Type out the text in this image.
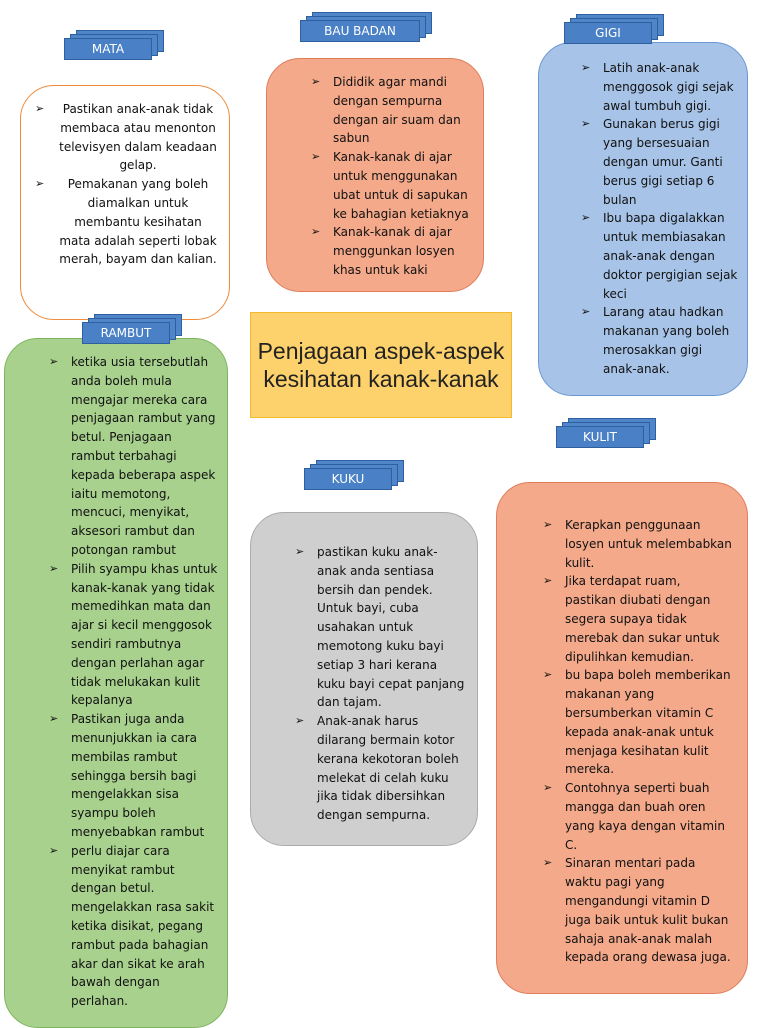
➢ Pastikan anak-anak tidak membaca atau menonton televisyen dalam keadaan gelap.
➢ Pemakanan yang boleh diamalkan untuk membantu kesihatan mata adalah seperti lobak merah, bayam dan kalian.
MATA
➢ Dididik agar mandi dengan sempurna dengan air suam dan sabun
➢ Kanak-kanak di ajar untuk menggunakan ubat untuk di sapukan ke bahagian ketiaknya
➢ Kanak-kanak di ajar menggunkan losyen khas untuk kaki
BAU BADAN
➢ Latih anak-anak menggosok gigi sejak awal tumbuh gigi.
➢ Gunakan berus gigi yang bersesuaian dengan umur. Ganti berus gigi setiap 6 bulan
➢ Ibu bapa digalakkan untuk membiasakan anak-anak dengan doktor pergigian sejak keci
➢ Larang atau hadkan makanan yang boleh merosakkan gigi anak-anak.
GIGI
Penjagaan aspek-aspek kesihatan kanak-kanak
➢ ketika usia tersebutlah anda boleh mula mengajar mereka cara penjagaan rambut yang betul. Penjagaan rambut terbahagi kepada beberapa aspek iaitu memotong, mencuci, menyikat, aksesori rambut dan potongan rambut
➢ Pilih syampu khas untuk kanak-kanak yang tidak memedihkan mata dan ajar si kecil menggosok sendiri rambutnya dengan perlahan agar tidak melukakan kulit kepalanya
➢ Pastikan juga anda menunjukkan ia cara membilas rambut sehingga bersih bagi mengelakkan sisa syampu boleh menyebabkan rambut
➢ perlu diajar cara menyikat rambut dengan betul. mengelakkan rasa sakit ketika disikat, pegang rambut pada bahagian akar dan sikat ke arah bawah dengan perlahan.
RAMBUT
➢ pastikan kuku anak-anak anda sentiasa bersih dan pendek. Untuk bayi, cuba usahakan untuk memotong kuku bayi setiap 3 hari kerana kuku bayi cepat panjang dan tajam.
➢ Anak-anak harus dilarang bermain kotor kerana kekotoran boleh melekat di celah kuku jika tidak dibersihkan dengan sempurna.
KUKU
➢ Kerapkan penggunaan losyen untuk melembabkan kulit.
➢ Jika terdapat ruam, pastikan diubati dengan segera supaya tidak merebak dan sukar untuk dipulihkan kemudian.
➢ bu bapa boleh memberikan makanan yang bersumberkan vitamin C kepada anak-anak untuk menjaga kesihatan kulit mereka.
➢ Contohnya seperti buah mangga dan buah oren yang kaya dengan vitamin C.
➢ Sinaran mentari pada waktu pagi yang mengandungi vitamin D juga baik untuk kulit bukan sahaja anak-anak malah kepada orang dewasa juga.
KULIT
